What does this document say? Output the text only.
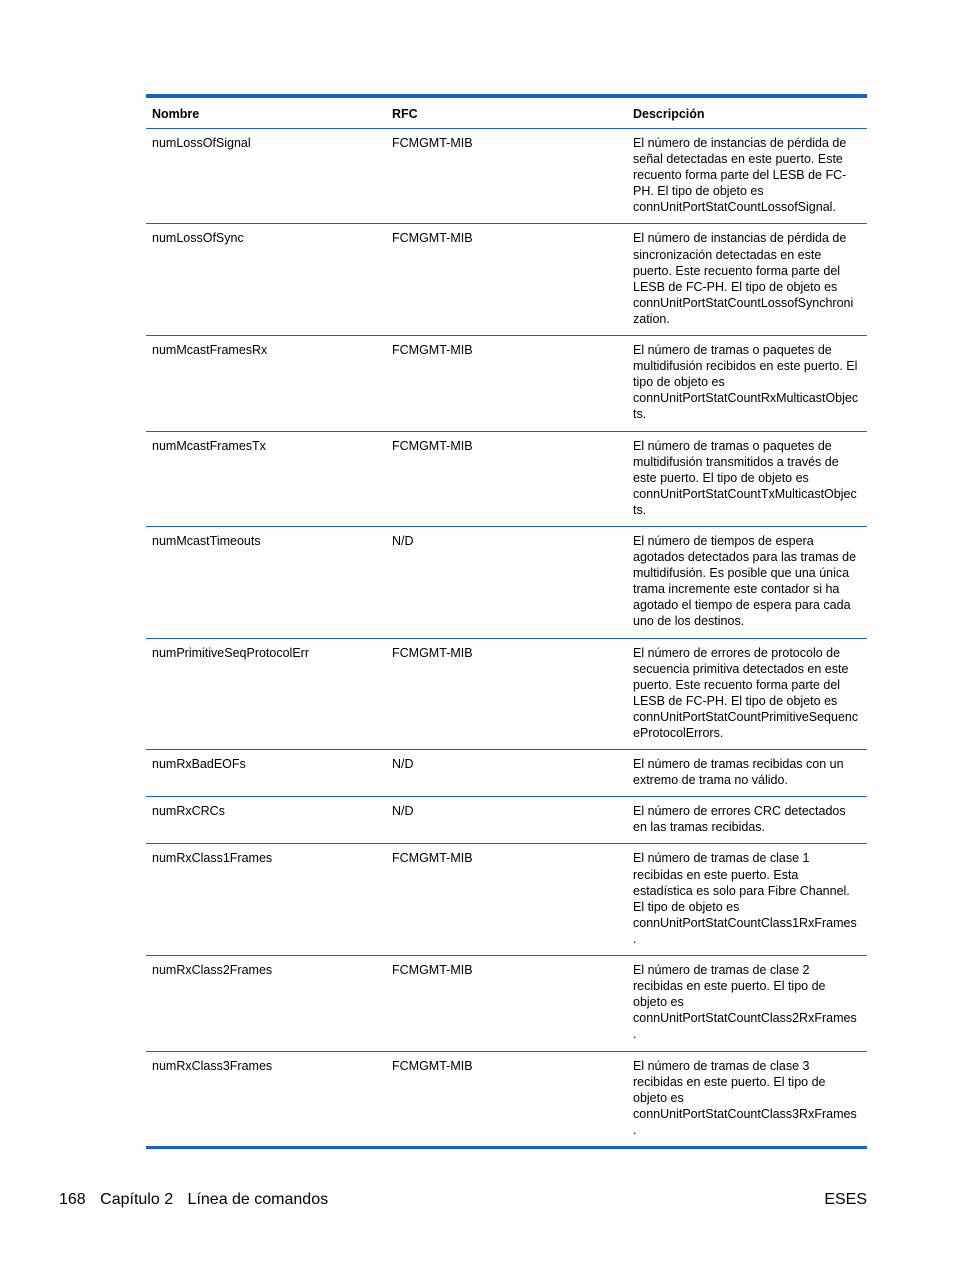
Nombre	RFC	Descripción
numLossOfSignal	FCMGMT-MIB	El número de instancias de pérdida de señal detectadas en este puerto. Este recuento forma parte del LESB de FC-PH. El tipo de objeto es connUnitPortStatCountLossofSignal.
numLossOfSync	FCMGMT-MIB	El número de instancias de pérdida de sincronización detectadas en este puerto. Este recuento forma parte del LESB de FC-PH. El tipo de objeto es connUnitPortStatCountLossofSynchronization.
numMcastFramesRx	FCMGMT-MIB	El número de tramas o paquetes de multidifusión recibidos en este puerto. El tipo de objeto es connUnitPortStatCountRxMulticastObjects.
numMcastFramesTx	FCMGMT-MIB	El número de tramas o paquetes de multidifusión transmitidos a través de este puerto. El tipo de objeto es connUnitPortStatCountTxMulticastObjects.
numMcastTimeouts	N/D	El número de tiempos de espera agotados detectados para las tramas de multidifusión. Es posible que una única trama incremente este contador si ha agotado el tiempo de espera para cada uno de los destinos.
numPrimitiveSeqProtocolErr	FCMGMT-MIB	El número de errores de protocolo de secuencia primitiva detectados en este puerto. Este recuento forma parte del LESB de FC-PH. El tipo de objeto es connUnitPortStatCountPrimitiveSequenceProtocolErrors.
numRxBadEOFs	N/D	El número de tramas recibidas con un extremo de trama no válido.
numRxCRCs	N/D	El número de errores CRC detectados en las tramas recibidas.
numRxClass1Frames	FCMGMT-MIB	El número de tramas de clase 1 recibidas en este puerto. Esta estadística es solo para Fibre Channel. El tipo de objeto es connUnitPortStatCountClass1RxFrames.
numRxClass2Frames	FCMGMT-MIB	El número de tramas de clase 2 recibidas en este puerto. El tipo de objeto es connUnitPortStatCountClass2RxFrames.
numRxClass3Frames	FCMGMT-MIB	El número de tramas de clase 3 recibidas en este puerto. El tipo de objeto es connUnitPortStatCountClass3RxFrames.
168 Capítulo 2 Línea de comandos	ESES
